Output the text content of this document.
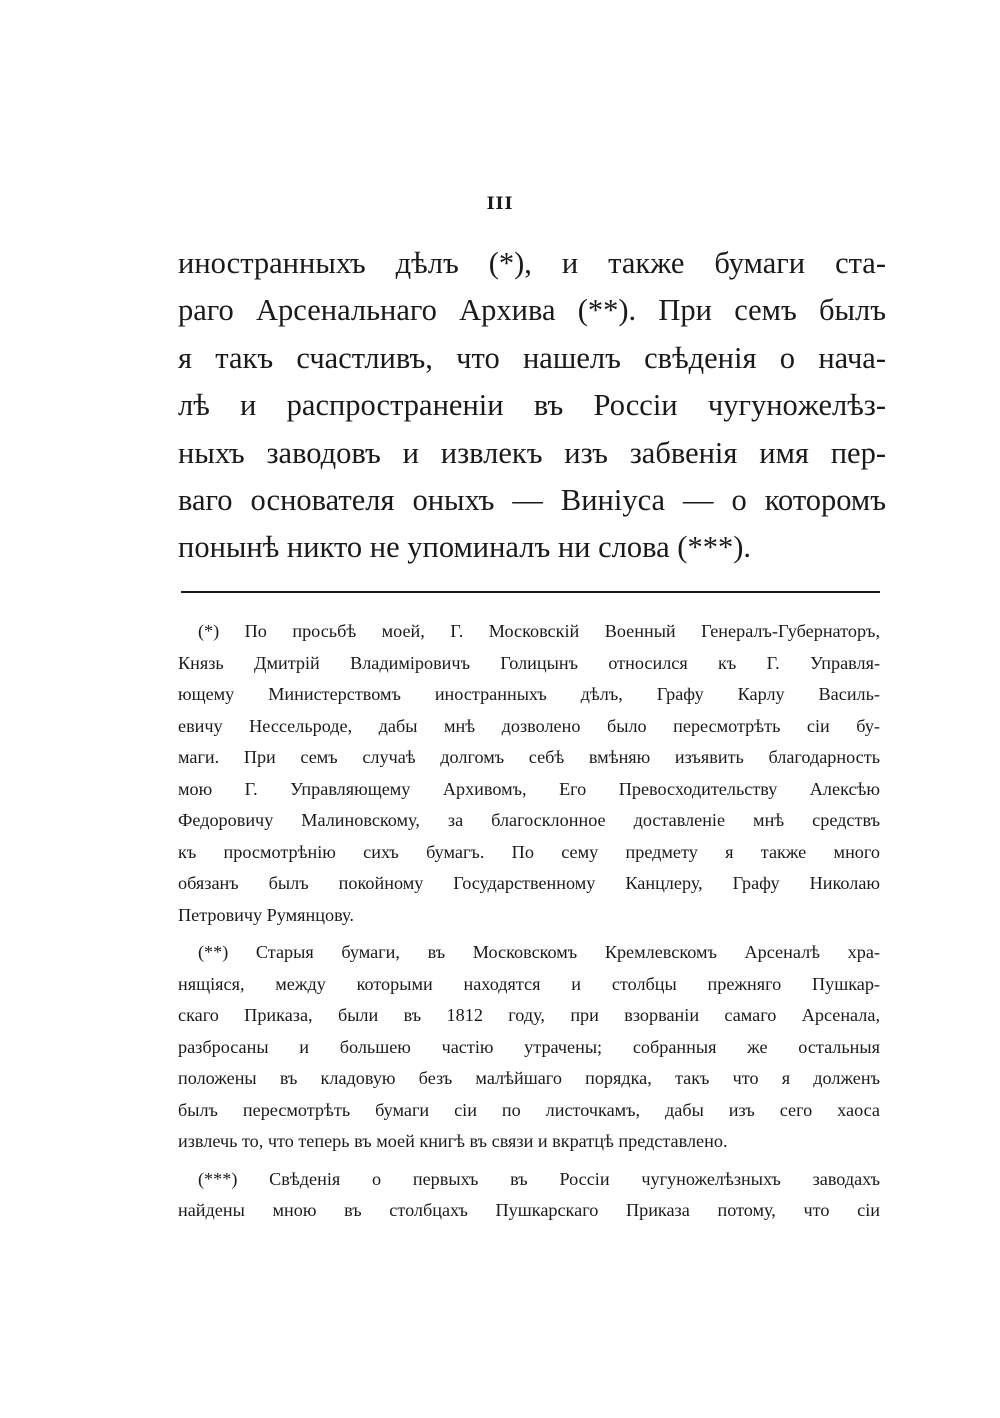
III
иностранныхъ дѣлъ (*), и также бумаги ста-
раго Арсенальнаго Архива (**). При семъ былъ
я такъ счастливъ, что нашелъ свѣденія о нача-
лѣ и распространеніи въ Россіи чугунoжелѣз-
ныхъ заводовъ и извлекъ изъ забвенія имя пер-
ваго основателя оныхъ — Виніуса — о которомъ
понынѣ никто не упоминалъ ни слова (***).
(*) По просьбѣ моей, Г. Московскій Военный Генералъ-Губернаторъ,
Князь Дмитрій Владиміровичъ Голицынъ относился къ Г. Управля-
ющему Министерствомъ иностранныхъ дѣлъ, Графу Карлу Василь-
евичу Нессельроде, дабы мнѣ дозволено было пересмотрѣть сіи бу-
маги. При семъ случаѣ долгомъ себѣ вмѣняю изъявить благодарность
мою Г. Управляющему Архивомъ, Его Превосходительству Алексѣю
Федоровичу Малиновскому, за благосклонное доставленіе мнѣ средствъ
къ просмотрѣнію сихъ бумагъ. По сему предмету я также много
обязанъ былъ покойному Государственному Канцлеру, Графу Николаю
Петровичу Румянцову.
(**) Старыя бумаги, въ Московскомъ Кремлевскомъ Арсеналѣ хра-
нящіяся, между которыми находятся и столбцы прежняго Пушкар-
скаго Приказа, были въ 1812 году, при взорваніи самаго Арсенала,
разбросаны и большею частію утрачены; собранныя же остальныя
положены въ кладовую безъ малѣйшаго порядка, такъ что я долженъ
былъ пересмотрѣть бумаги сіи по листочкамъ, дабы изъ сего хаоса
извлечь то, что теперь въ моей книгѣ въ связи и вкратцѣ представлено.
(***) Свѣденія о первыхъ въ Россіи чугуножелѣзныхъ заводахъ
найдены мною въ столбцахъ Пушкарскаго Приказа потому, что сіи
